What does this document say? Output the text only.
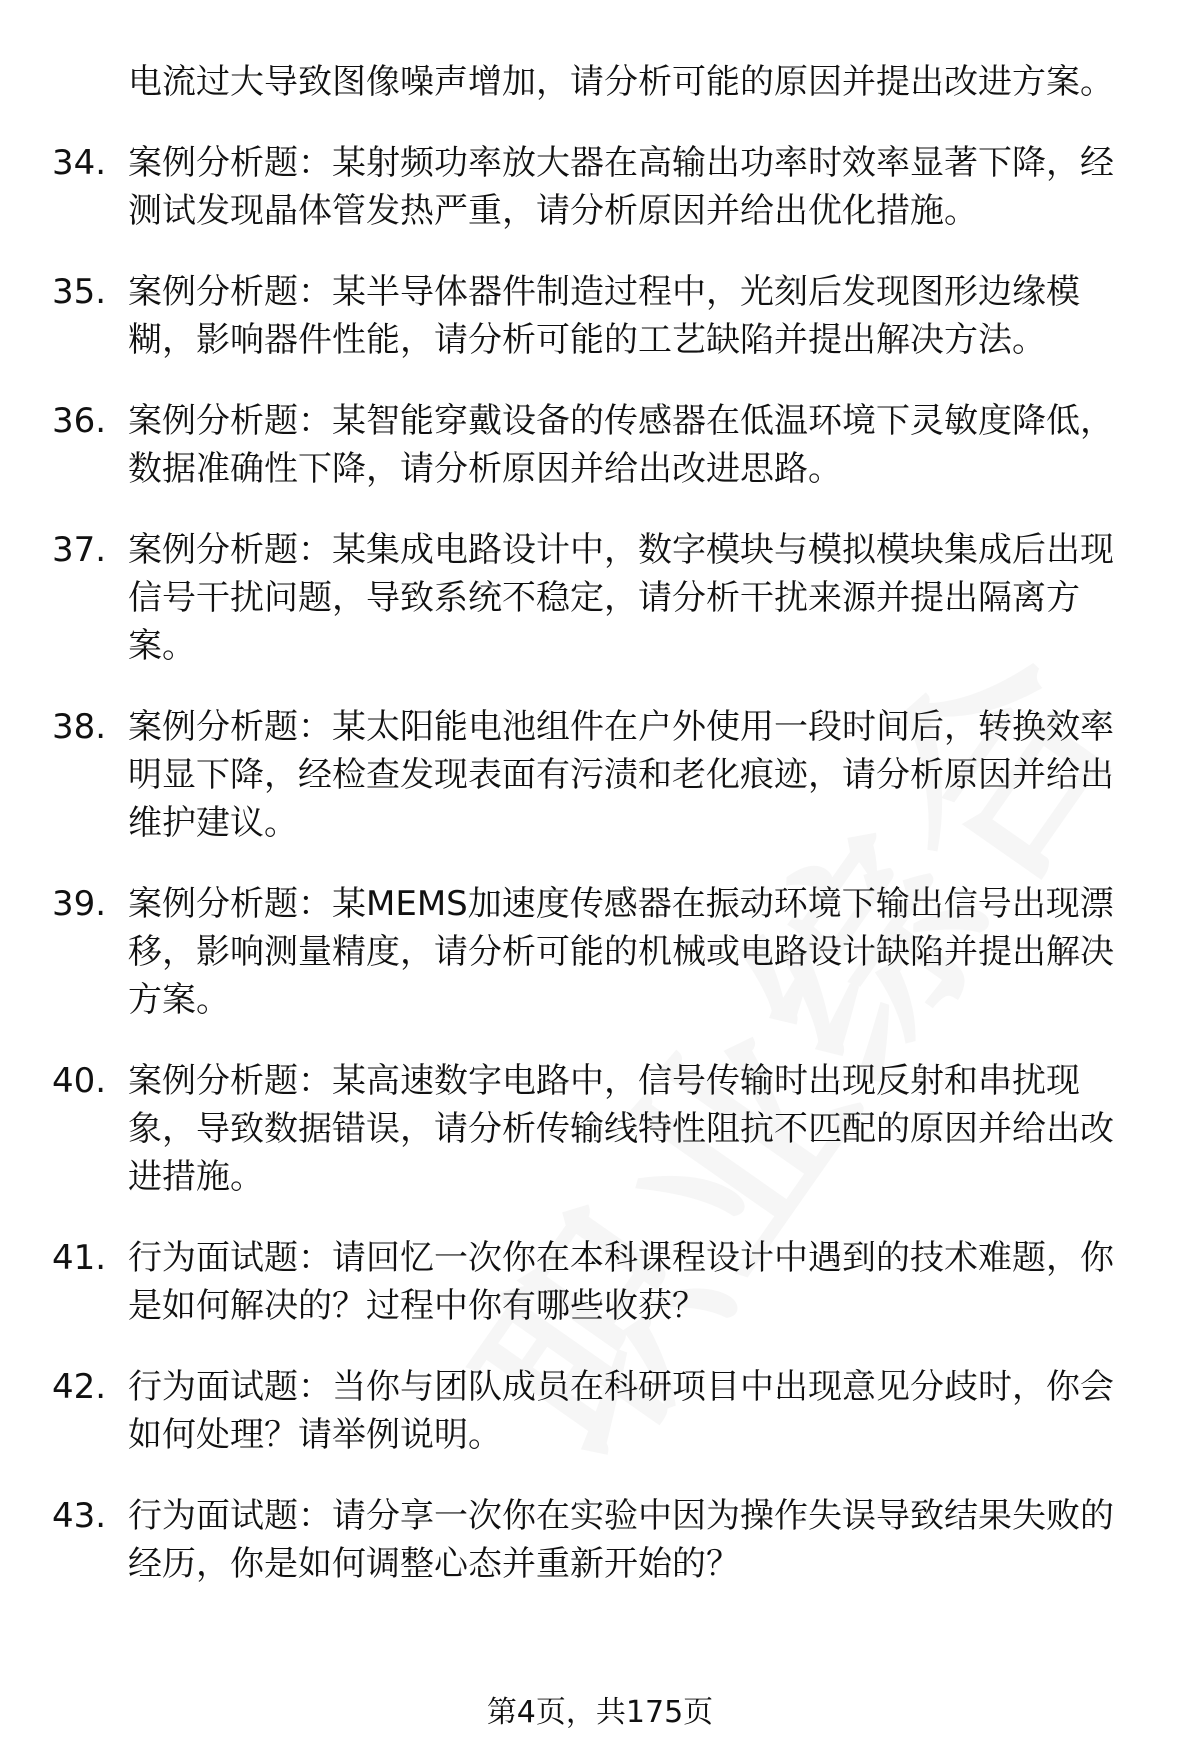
电流过大导致图像噪声增加，请分析可能的原因并提出改进方案。
34. 案例分析题：某射频功率放大器在高输出功率时效率显著下降，经测试发现晶体管发热严重，请分析原因并给出优化措施。
35. 案例分析题：某半导体器件制造过程中，光刻后发现图形边缘模糊，影响器件性能，请分析可能的工艺缺陷并提出解决方法。
36. 案例分析题：某智能穿戴设备的传感器在低温环境下灵敏度降低，数据准确性下降，请分析原因并给出改进思路。
37. 案例分析题：某集成电路设计中，数字模块与模拟模块集成后出现信号干扰问题，导致系统不稳定，请分析干扰来源并提出隔离方案。
38. 案例分析题：某太阳能电池组件在户外使用一段时间后，转换效率明显下降，经检查发现表面有污渍和老化痕迹，请分析原因并给出维护建议。
39. 案例分析题：某MEMS加速度传感器在振动环境下输出信号出现漂移，影响测量精度，请分析可能的机械或电路设计缺陷并提出解决方案。
40. 案例分析题：某高速数字电路中，信号传输时出现反射和串扰现象，导致数据错误，请分析传输线特性阻抗不匹配的原因并给出改进措施。
41. 行为面试题：请回忆一次你在本科课程设计中遇到的技术难题，你是如何解决的？过程中你有哪些收获？
42. 行为面试题：当你与团队成员在科研项目中出现意见分歧时，你会如何处理？请举例说明。
43. 行为面试题：请分享一次你在实验中因为操作失误导致结果失败的经历，你是如何调整心态并重新开始的？
第4页，共175页
